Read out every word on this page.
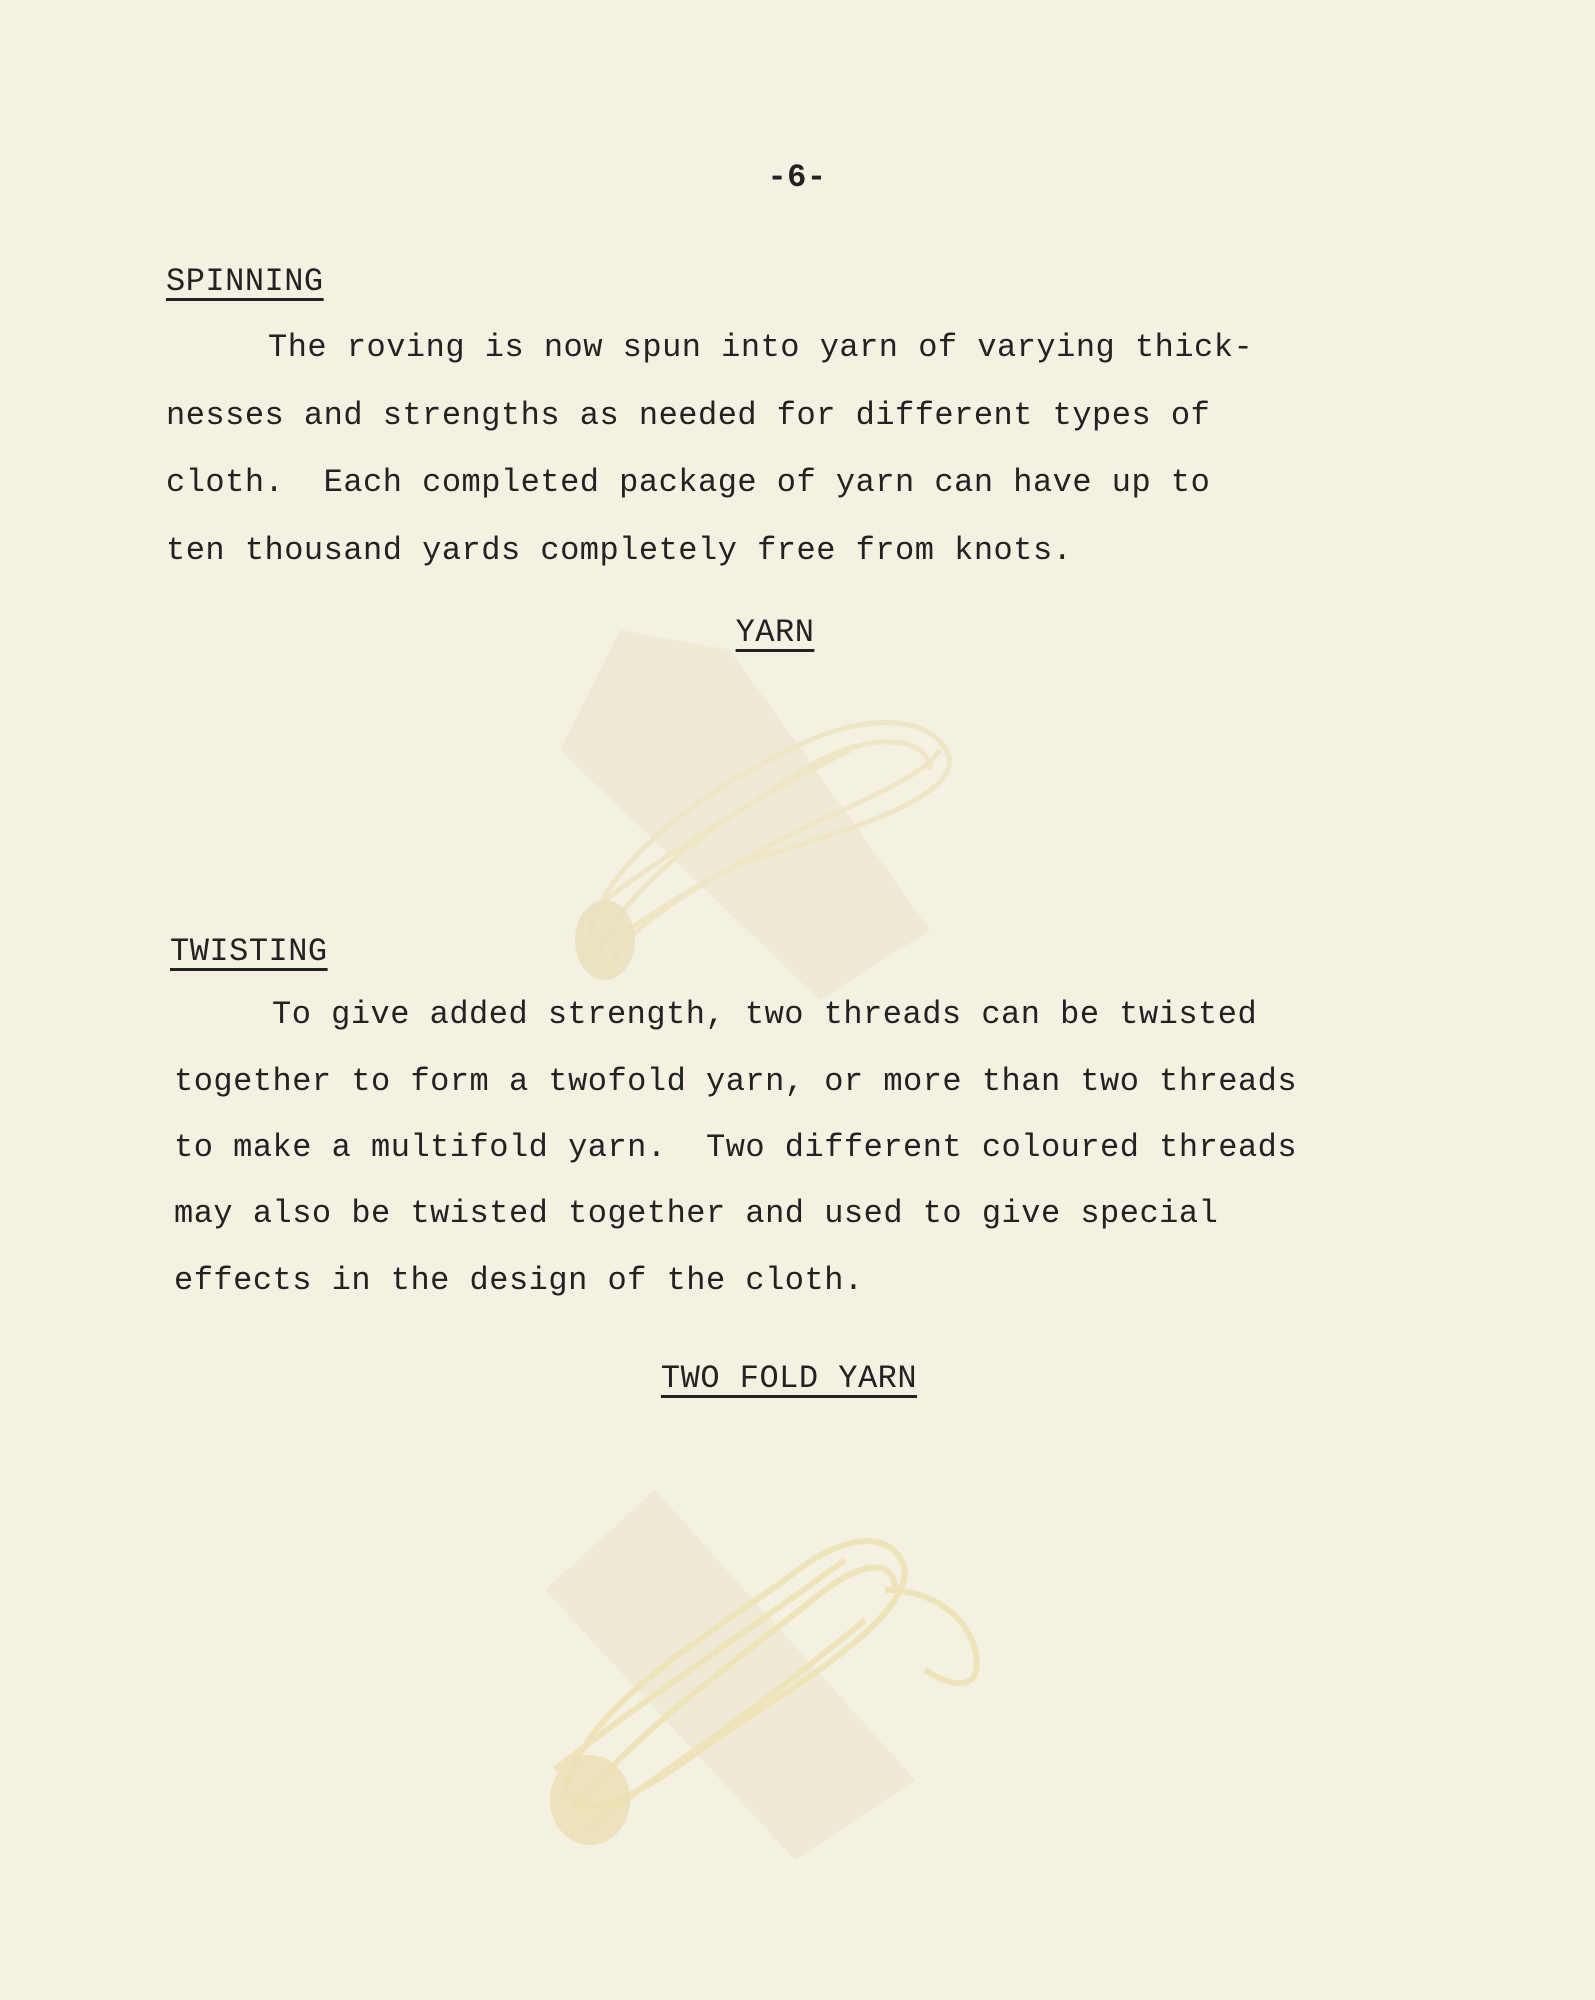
-6-
SPINNING
The roving is now spun into yarn of varying thick-
nesses and strengths as needed for different types of
cloth.  Each completed package of yarn can have up to
ten thousand yards completely free from knots.
YARN
TWISTING
To give added strength, two threads can be twisted
together to form a twofold yarn, or more than two threads
to make a multifold yarn.  Two different coloured threads
may also be twisted together and used to give special
effects in the design of the cloth.
TWO FOLD YARN
